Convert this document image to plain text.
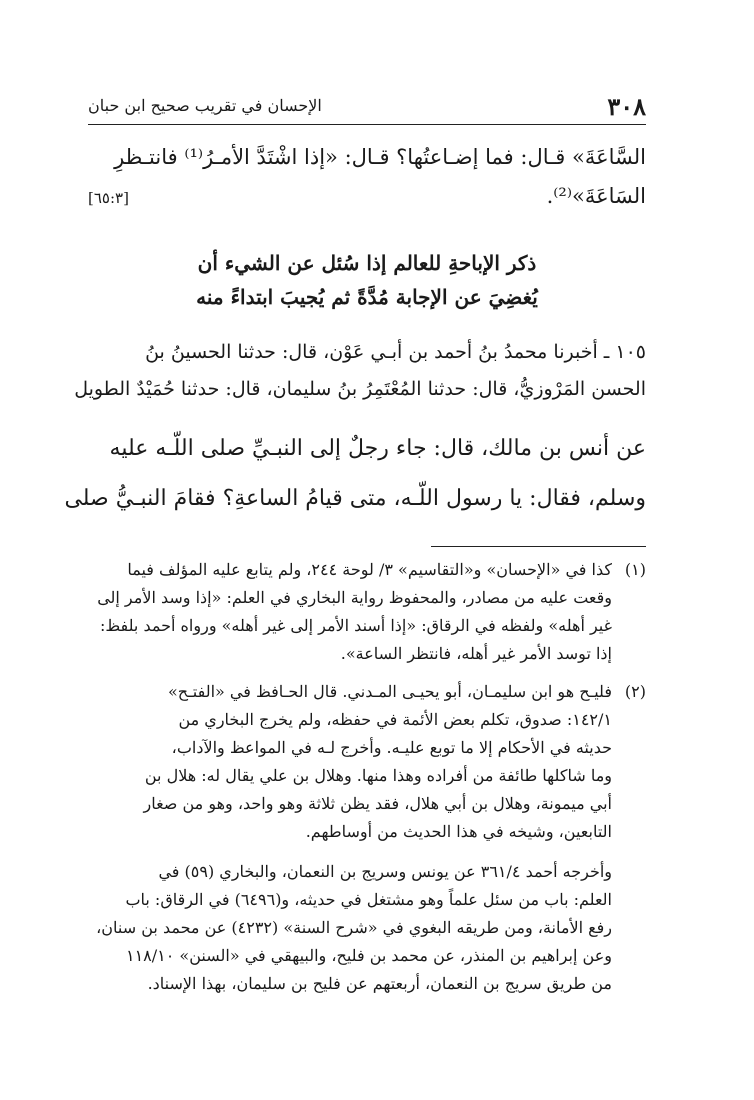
٣٠٨
الإحسان في تقريب صحيح ابن حبان
السَّاعَةَ» قـال: فما إضـاعتُها؟ قـال: «إذا اشْتَدَّ الأمـرُ⁽¹⁾ فانتـظرِ
السَاعَةَ»⁽²⁾.
[٦٥:٣]
ذكر الإباحةِ للعالم إذا سُئل عن الشيء أن
يُغضِيَ عن الإجابة مُدَّةً ثم يُجيبَ ابتداءً منه
١٠٥ ـ أخبرنا محمدُ بنُ أحمد بن أبـي عَوْن، قال: حدثنا الحسينُ بنُ
الحسن المَرْوزيُّ، قال: حدثنا المُعْتَمِرُ بنُ سليمان، قال: حدثنا حُمَيْدٌ الطويل
عن أنس بن مالك، قال: جاء رجلٌ إلى النبـيِّ صلى اللّـه عليه
وسلم، فقال: يا رسول اللّـه، متى قيامُ الساعةِ؟ فقامَ النبـيُّ صلى
(١)كذا في «الإحسان» و«التقاسيم» ٣/ لوحة ٢٤٤، ولم يتابع عليه المؤلف فيما
وقعت عليه من مصادر، والمحفوظ رواية البخاري في العلم: «إذا وسد الأمر إلى
غير أهله» ولفظه في الرقاق: «إذا أسند الأمر إلى غير أهله» ورواه أحمد بلفظ:
إذا توسد الأمر غير أهله، فانتظر الساعة».
(٢)فليـح هو ابن سليمـان، أبو يحيـى المـدني. قال الحـافظ في «الفتـح»
١٤٢/١: صدوق، تكلم بعض الأئمة في حفظه، ولم يخرج البخاري من
حديثه في الأحكام إلا ما توبع عليـه. وأخرج لـه في المواعظ والآداب،
وما شاكلها طائفة من أفراده وهذا منها. وهلال بن علي يقال له: هلال بن
أبي ميمونة، وهلال بن أبي هلال، فقد يظن ثلاثة وهو واحد، وهو من صغار
التابعين، وشيخه في هذا الحديث من أوساطهم.
وأخرجه أحمد ٣٦١/٤ عن يونس وسريج بن النعمان، والبخاري (٥٩) في
العلم: باب من سئل علماً وهو مشتغل في حديثه، و(٦٤٩٦) في الرقاق: باب
رفع الأمانة، ومن طريقه البغوي في «شرح السنة» (٤٢٣٢) عن محمد بن سنان،
وعن إبراهيم بن المنذر، عن محمد بن فليح، والبيهقي في «السنن» ١١٨/١٠
من طريق سريج بن النعمان، أربعتهم عن فليح بن سليمان، بهذا الإسناد.
